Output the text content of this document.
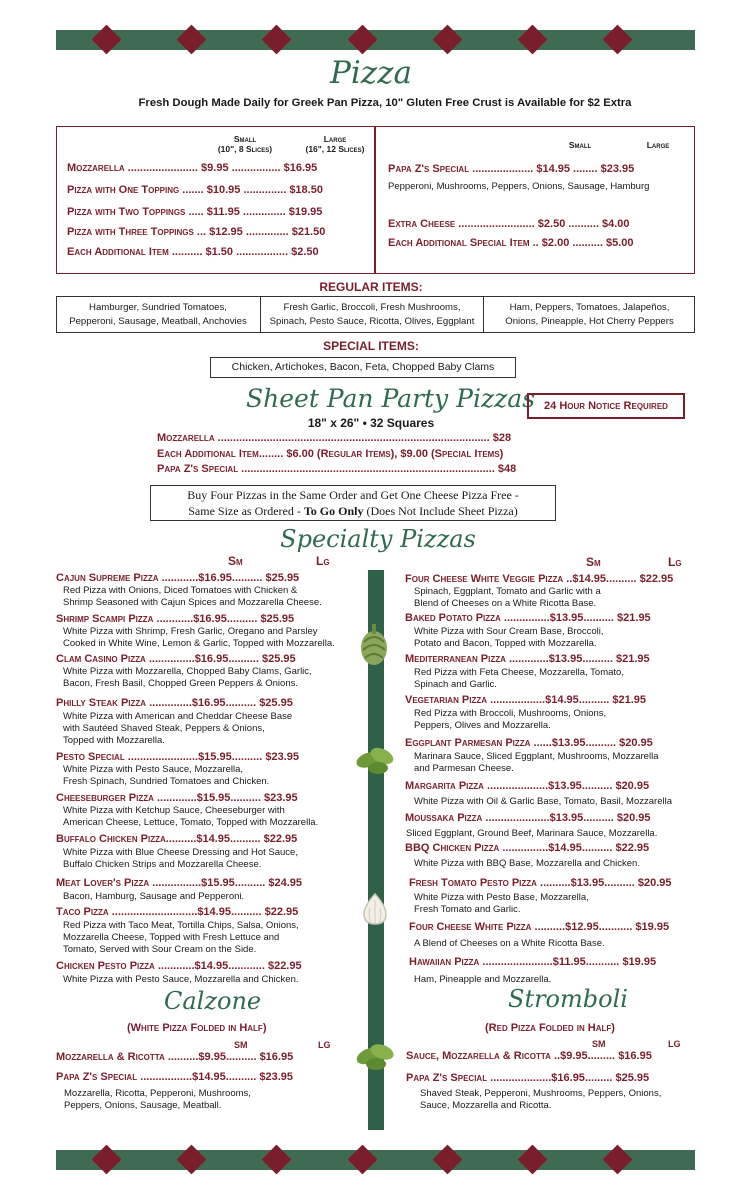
Pizza
Fresh Dough Made Daily for Greek Pan Pizza, 10" Gluten Free Crust is Available for $2 Extra
Small
(10", 8 Slices)
Large
(16", 12 Slices)
Mozzarella ....................... $9.95 ................ $16.95
Pizza with One Topping ....... $10.95 .............. $18.50
Pizza with Two Toppings ..... $11.95 .............. $19.95
Pizza with Three Toppings ... $12.95 .............. $21.50
Each Additional Item .......... $1.50 ................. $2.50
Small	Large
Papa Z's Special .................... $14.95 ........ $23.95
Pepperoni, Mushrooms, Peppers, Onions, Sausage, Hamburg
Extra Cheese ......................... $2.50 .......... $4.00
Each Additional Special Item .. $2.00 .......... $5.00
REGULAR ITEMS:
Hamburger, Sundried Tomatoes,
Pepperoni, Sausage, Meatball, Anchovies
Fresh Garlic, Broccoli, Fresh Mushrooms,
Spinach, Pesto Sauce, Ricotta, Olives, Eggplant
Ham, Peppers, Tomatoes, Jalapeños,
Onions, Pineapple, Hot Cherry Peppers
SPECIAL ITEMS:
Chicken, Artichokes, Bacon, Feta, Chopped Baby Clams
Sheet Pan Party Pizzas 24 Hour Notice Required
18" x 26" • 32 Squares
Mozzarella ......................................................................................... $28
Each Additional Item........ $6.00 (Regular Items), $9.00 (Special Items)
Papa Z's Special ................................................................................... $48
Buy Four Pizzas in the Same Order and Get One Cheese Pizza Free -
Same Size as Ordered - To Go Only (Does Not Include Sheet Pizza)
Specialty Pizzas
Sm	Lg	Sm	Lg
Cajun Supreme Pizza ............$16.95.......... $25.95
Red Pizza with Onions, Diced Tomatoes with Chicken &
Shrimp Seasoned with Cajun Spices and Mozzarella Cheese.
Shrimp Scampi Pizza ............$16.95.......... $25.95
White Pizza with Shrimp, Fresh Garlic, Oregano and Parsley
Cooked in White Wine, Lemon & Garlic, Topped with Mozzarella.
Clam Casino Pizza ...............$16.95.......... $25.95
White Pizza with Mozzarella, Chopped Baby Clams, Garlic,
Bacon, Fresh Basil, Chopped Green Peppers & Onions.
Philly Steak Pizza ..............$16.95.......... $25.95
White Pizza with American and Cheddar Cheese Base
with Sautéed Shaved Steak, Peppers & Onions,
Topped with Mozzarella.
Pesto Special .......................$15.95.......... $23.95
White Pizza with Pesto Sauce, Mozzarella,
Fresh Spinach, Sundried Tomatoes and Chicken.
Cheeseburger Pizza .............$15.95.......... $23.95
White Pizza with Ketchup Sauce, Cheeseburger with
American Cheese, Lettuce, Tomato, Topped with Mozzarella.
Buffalo Chicken Pizza..........$14.95.......... $22.95
White Pizza with Blue Cheese Dressing and Hot Sauce,
Buffalo Chicken Strips and Mozzarella Cheese.
Meat Lover's Pizza ................$15.95.......... $24.95
Bacon, Hamburg, Sausage and Pepperoni.
Taco Pizza ............................$14.95.......... $22.95
Red Pizza with Taco Meat, Tortilla Chips, Salsa, Onions,
Mozzarella Cheese, Topped with Fresh Lettuce and
Tomato, Served with Sour Cream on the Side.
Chicken Pesto Pizza ............$14.95............ $22.95
White Pizza with Pesto Sauce, Mozzarella and Chicken.
Four Cheese White Veggie Pizza ..$14.95.......... $22.95
Spinach, Eggplant, Tomato and Garlic with a
Blend of Cheeses on a White Ricotta Base.
Baked Potato Pizza ...............$13.95.......... $21.95
White Pizza with Sour Cream Base, Broccoli,
Potato and Bacon, Topped with Mozzarella.
Mediterranean Pizza .............$13.95.......... $21.95
Red Pizza with Feta Cheese, Mozzarella, Tomato,
Spinach and Garlic.
Vegetarian Pizza ..................$14.95.......... $21.95
Red Pizza with Broccoli, Mushrooms, Onions,
Peppers, Olives and Mozzarella.
Eggplant Parmesan Pizza ......$13.95.......... $20.95
Marinara Sauce, Sliced Eggplant, Mushrooms, Mozzarella
and Parmesan Cheese.
Margarita Pizza ....................$13.95.......... $20.95
White Pizza with Oil & Garlic Base, Tomato, Basil, Mozzarella
Moussaka Pizza .....................$13.95.......... $20.95
Sliced Eggplant, Ground Beef, Marinara Sauce, Mozzarella.
BBQ Chicken Pizza ...............$14.95.......... $22.95
White Pizza with BBQ Base, Mozzarella and Chicken.
Fresh Tomato Pesto Pizza ..........$13.95.......... $20.95
White Pizza with Pesto Base, Mozzarella,
Fresh Tomato and Garlic.
Four Cheese White Pizza ..........$12.95........... $19.95
A Blend of Cheeses on a White Ricotta Base.
Hawaiian Pizza .......................$11.95........... $19.95
Ham, Pineapple and Mozzarella.
Calzone
(White Pizza Folded in Half)
SM	LG
Mozzarella & Ricotta ..........$9.95.......... $16.95
Papa Z's Special .................$14.95.......... $23.95
Mozzarella, Ricotta, Pepperoni, Mushrooms,
Peppers, Onions, Sausage, Meatball.
Stromboli
(Red Pizza Folded in Half)
SM	LG
Sauce, Mozzarella & Ricotta ..$9.95......... $16.95
Papa Z's Special ....................$16.95......... $25.95
Shaved Steak, Pepperoni, Mushrooms, Peppers, Onions,
Sauce, Mozzarella and Ricotta.
